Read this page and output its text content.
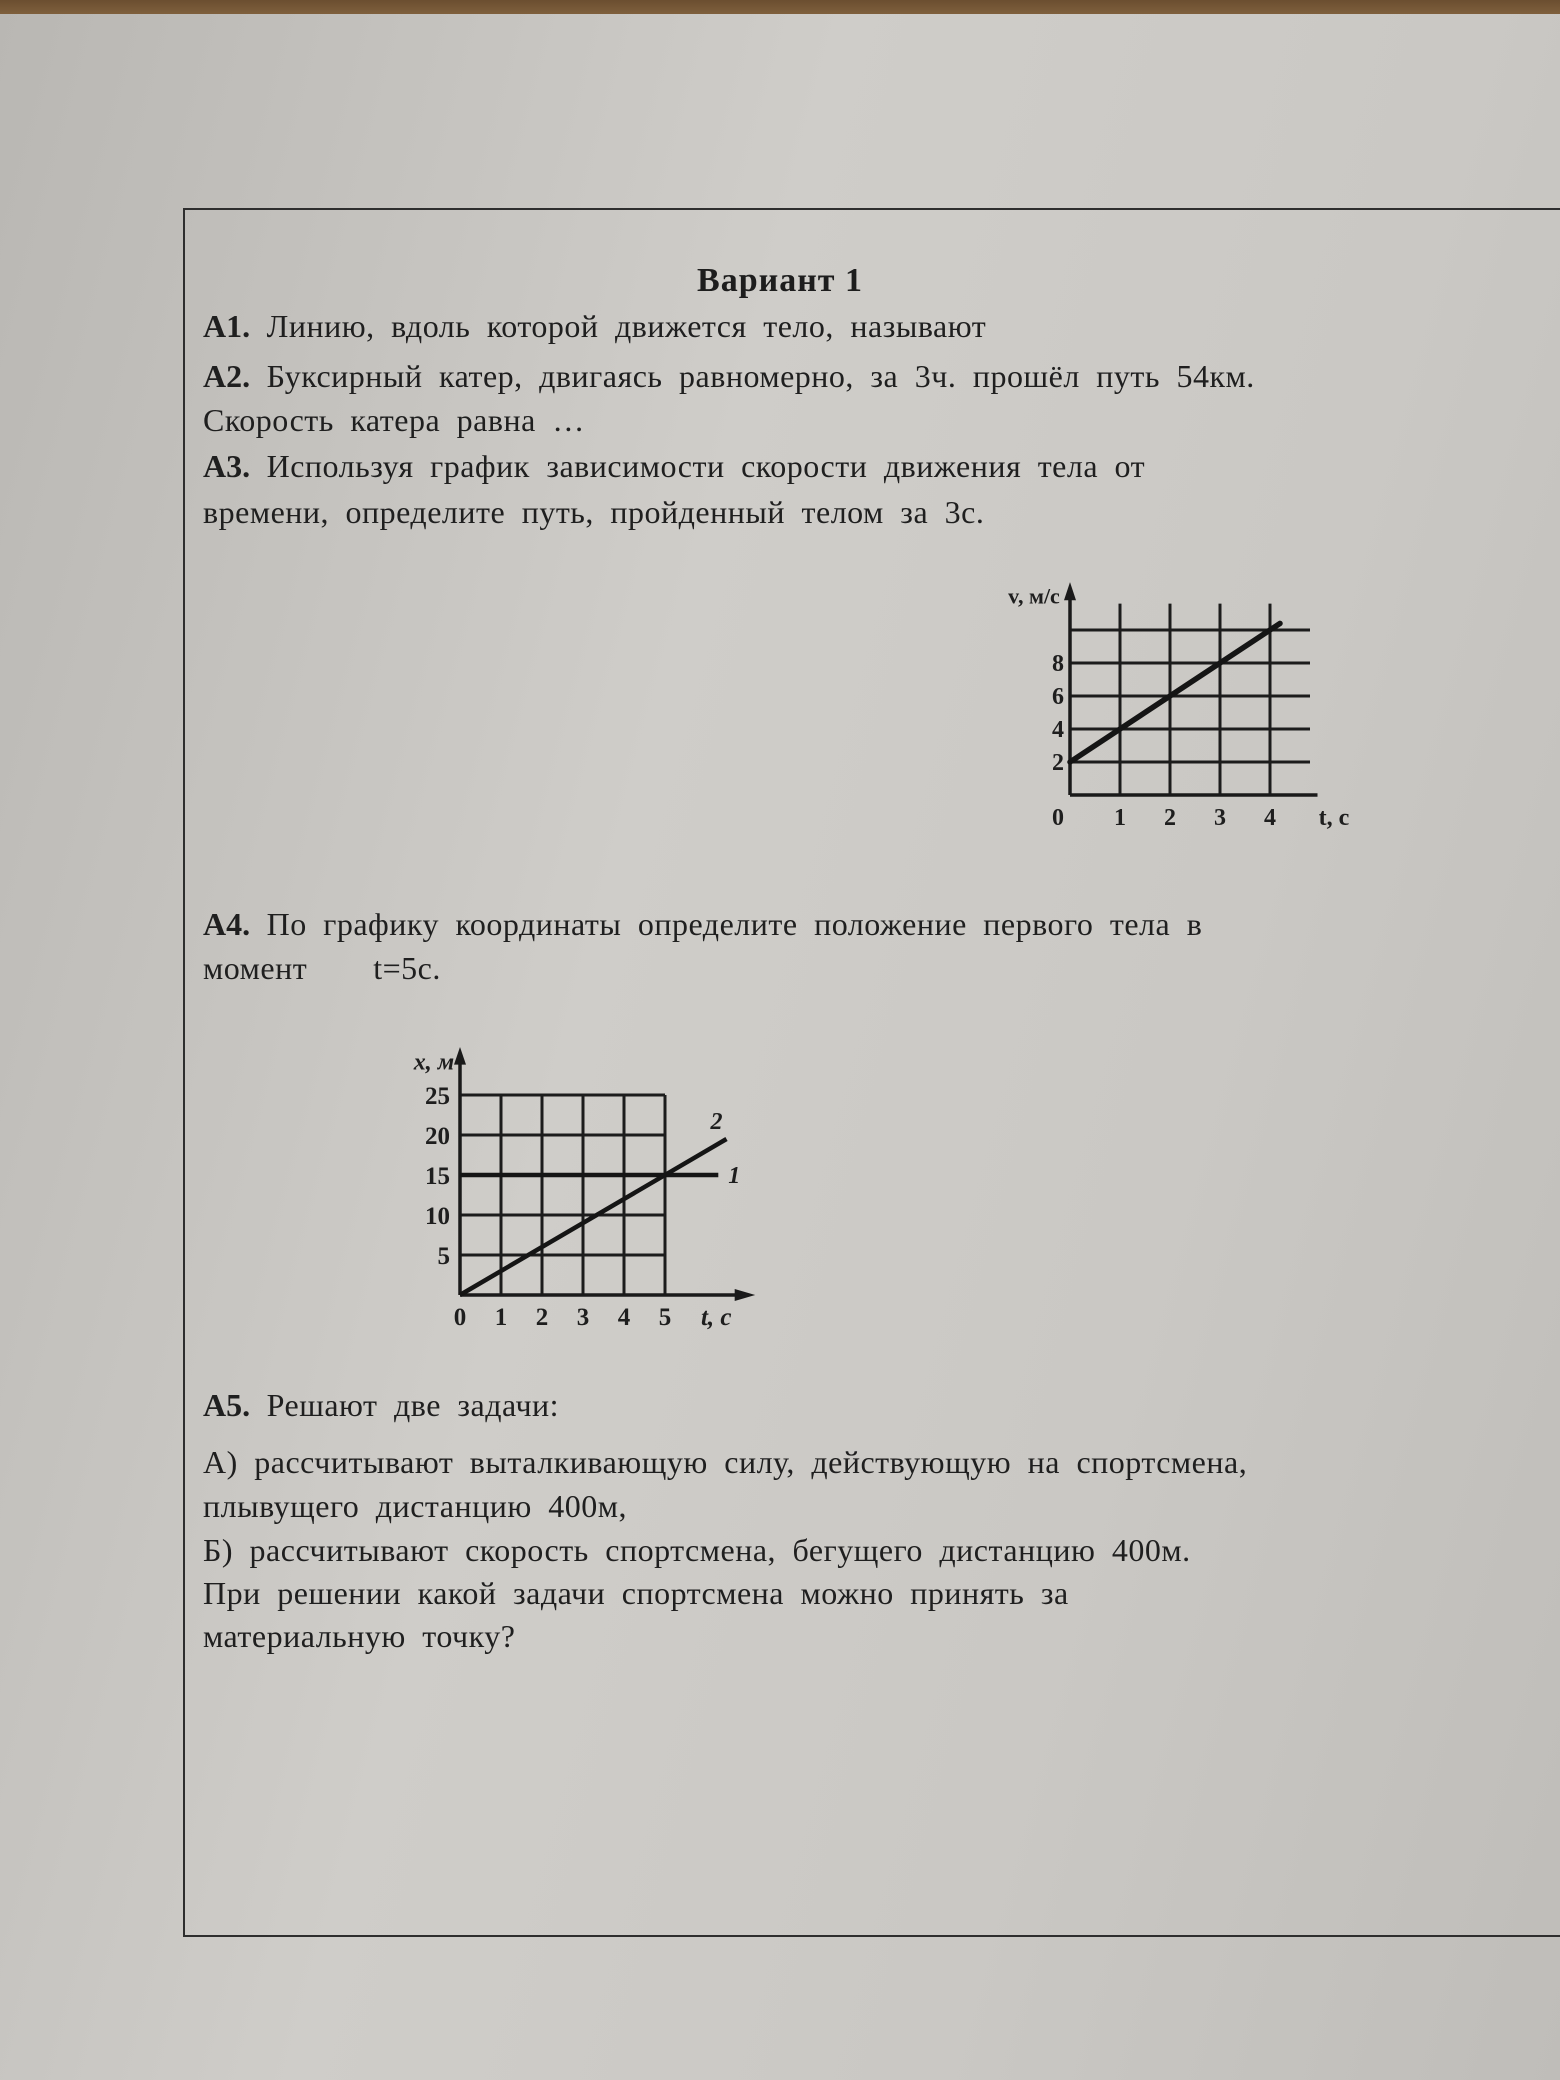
Вариант 1
А1. Линию, вдоль которой движется тело, называют
А2. Буксирный катер, двигаясь равномерно, за 3ч. прошёл путь 54км.
Скорость катера равна …
А3. Используя график зависимости скорости движения тела от
времени, определите путь, пройденный телом за 3с.
0 1 2 3 4
2
4
6
8
t, с
v, м/с
А4. По графику координаты определите положение первого тела в
момент    t=5с.
0 1 2 3 4 5
5
10
15
20
25
t, с
x, м
1
2
А5. Решают две задачи:
А) рассчитывают выталкивающую силу, действующую на спортсмена,
плывущего дистанцию 400м,
Б) рассчитывают скорость спортсмена, бегущего дистанцию 400м.
При решении какой задачи спортсмена можно принять за
материальную точку?
